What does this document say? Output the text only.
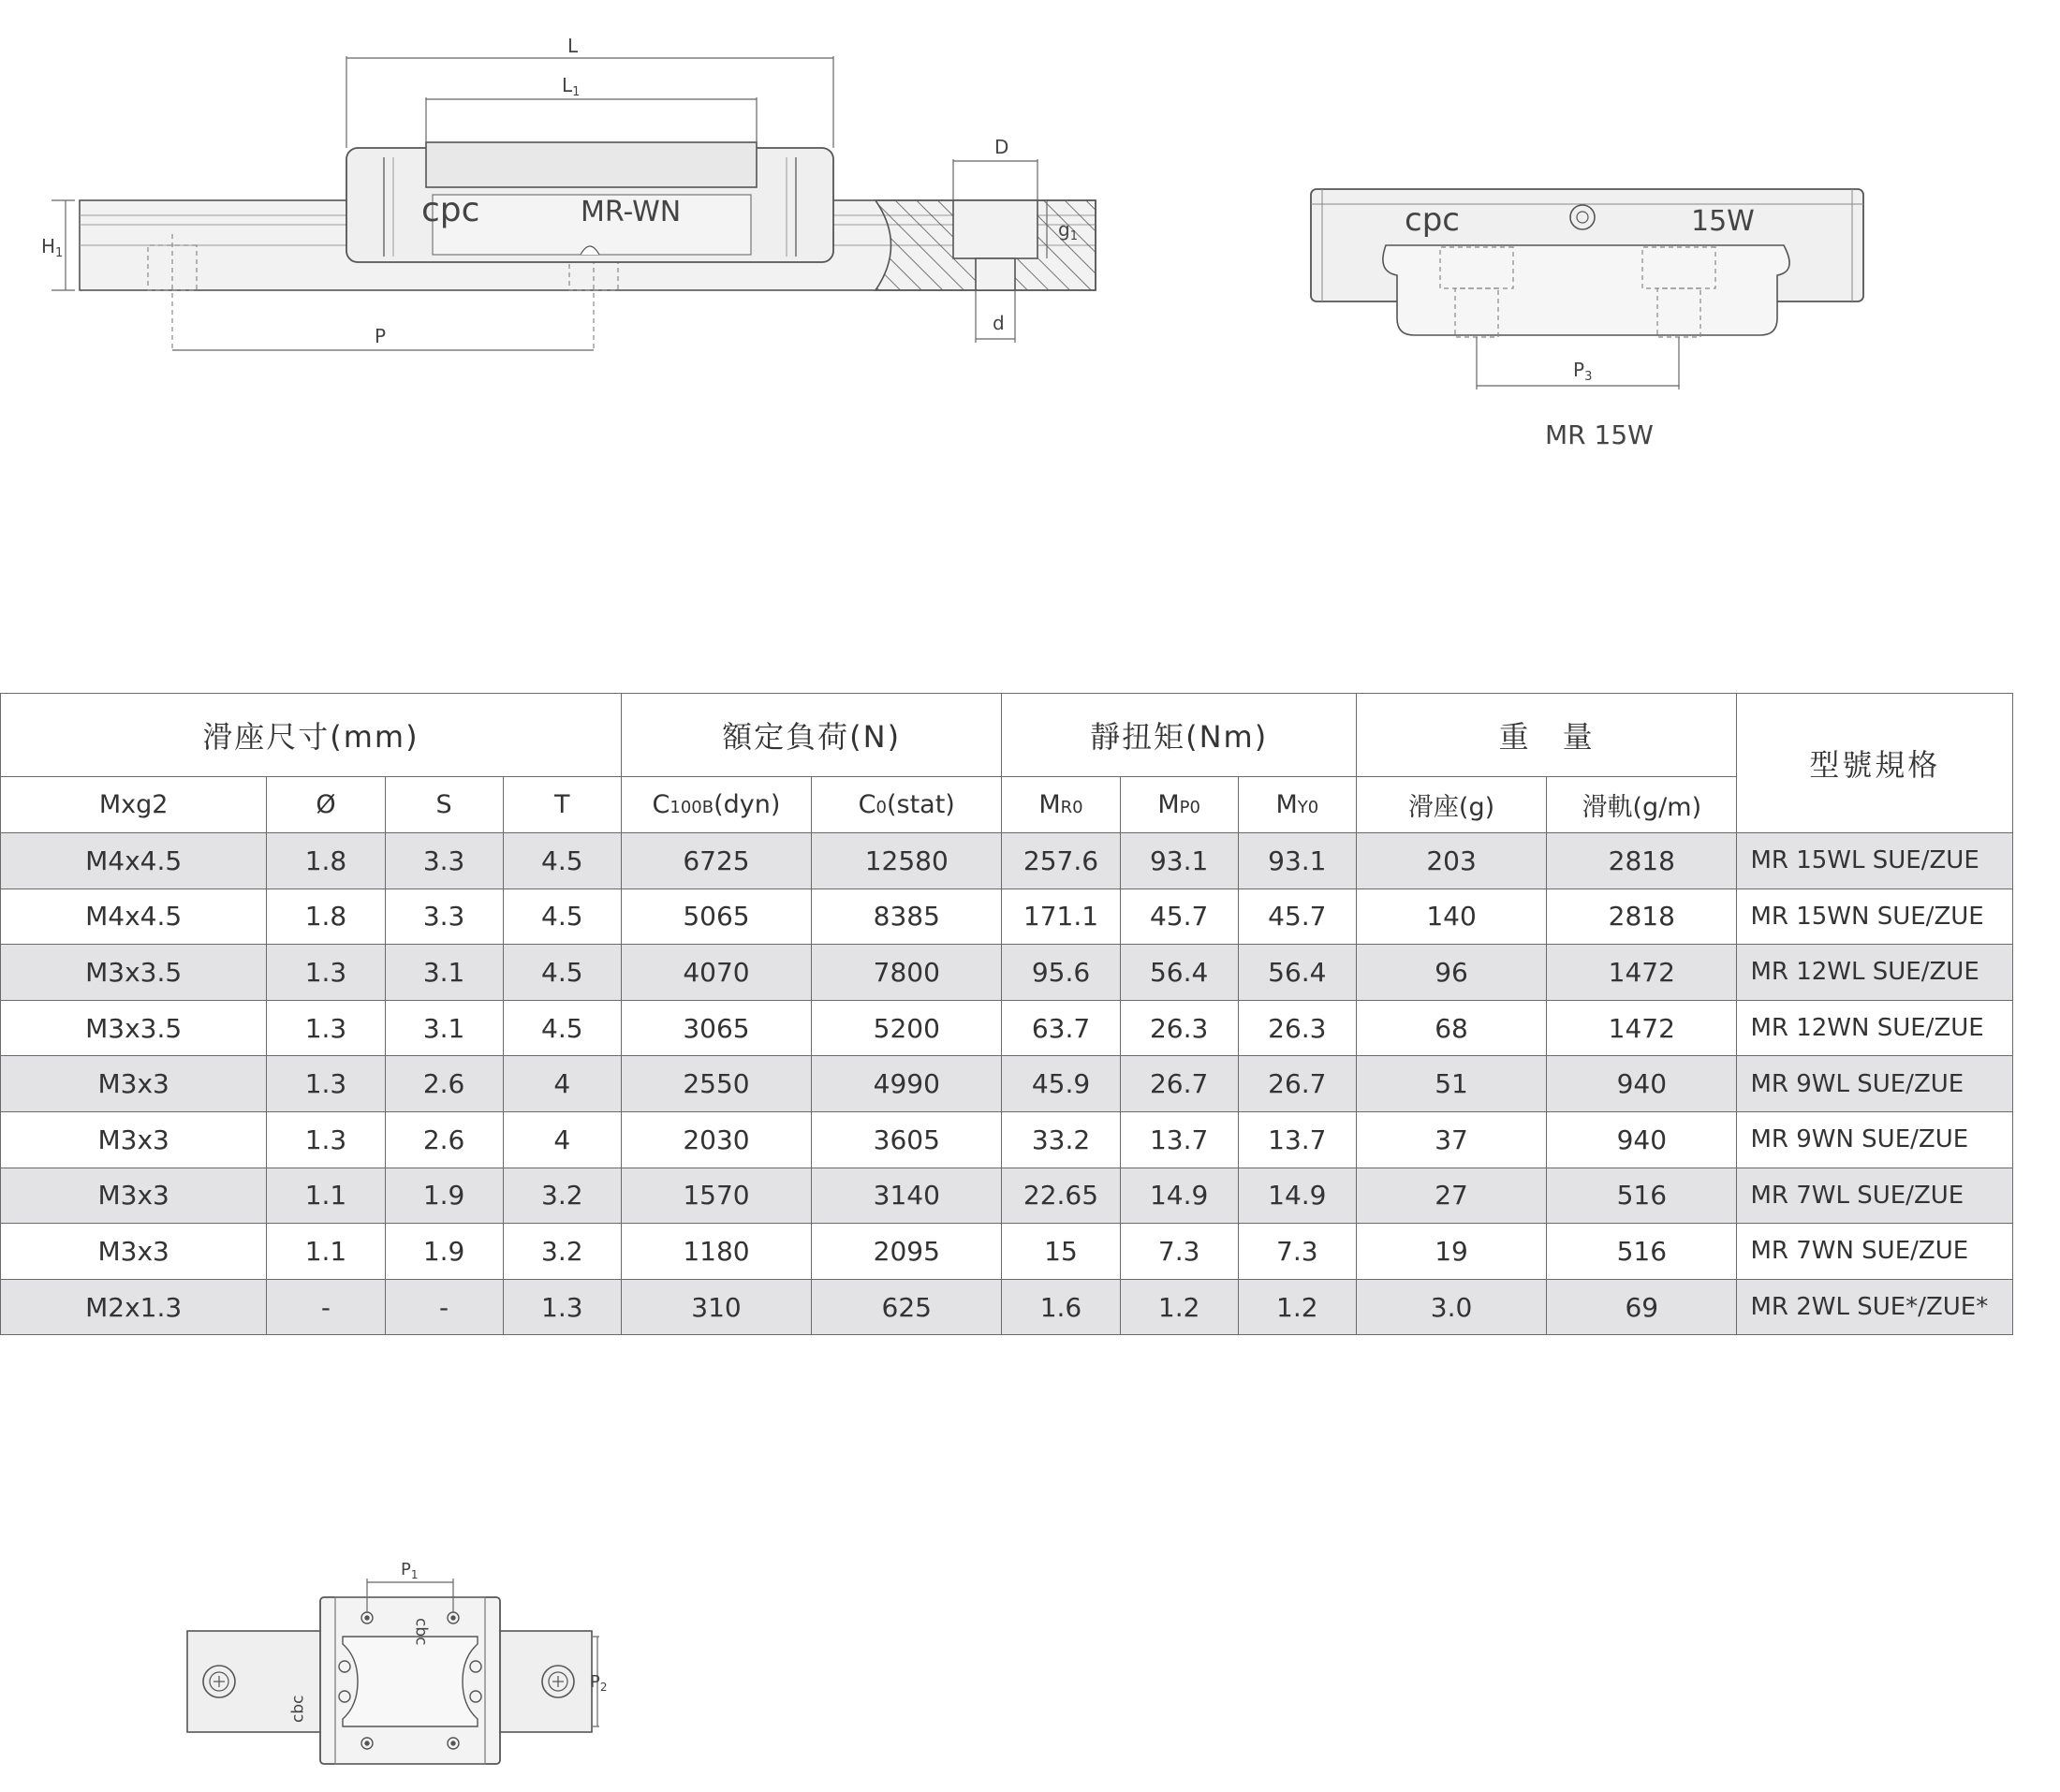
cpc	MR-WN
L
$L_1$
P
D
d
$g_1$
$H_1$
cpc	15W
$P_3$
MR 15W
$P_1$
$P_2$
cpc
cpc
滑座尺寸(mm)				額定負荷(N)		靜扭矩(Nm)			重　量		型號規格
Mxg2	Ø	S	T	C100B(dyn)	C0(stat)	MR0	MP0	MY0	滑座(g)	滑軌(g/m)	
M4x4.5	1.8	3.3	4.5	6725	12580	257.6	93.1	93.1	203	2818	MR 15WL SUE/ZUE
M4x4.5	1.8	3.3	4.5	5065	8385	171.1	45.7	45.7	140	2818	MR 15WN SUE/ZUE
M3x3.5	1.3	3.1	4.5	4070	7800	95.6	56.4	56.4	96	1472	MR 12WL SUE/ZUE
M3x3.5	1.3	3.1	4.5	3065	5200	63.7	26.3	26.3	68	1472	MR 12WN SUE/ZUE
M3x3	1.3	2.6	4	2550	4990	45.9	26.7	26.7	51	940	MR 9WL SUE/ZUE
M3x3	1.3	2.6	4	2030	3605	33.2	13.7	13.7	37	940	MR 9WN SUE/ZUE
M3x3	1.1	1.9	3.2	1570	3140	22.65	14.9	14.9	27	516	MR 7WL SUE/ZUE
M3x3	1.1	1.9	3.2	1180	2095	15	7.3	7.3	19	516	MR 7WN SUE/ZUE
M2x1.3	-	-	1.3	310	625	1.6	1.2	1.2	3.0	69	MR 2WL SUE*/ZUE*
